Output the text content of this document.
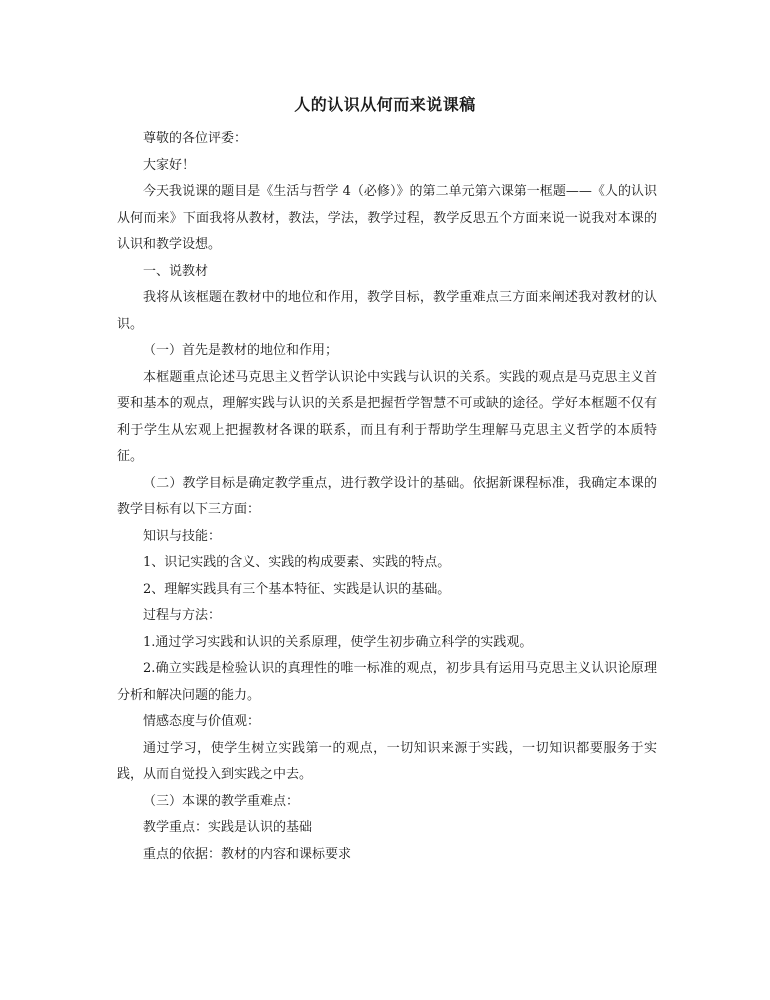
人的认识从何而来说课稿

尊敬的各位评委：

大家好！

今天我说课的题目是《生活与哲学 4（必修）》的第二单元第六课第一框题——《人的认识从何而来》下面我将从教材，教法，学法，教学过程，教学反思五个方面来说一说我对本课的认识和教学设想。

一、说教材

我将从该框题在教材中的地位和作用，教学目标，教学重难点三方面来阐述我对教材的认识。

（一）首先是教材的地位和作用；

本框题重点论述马克思主义哲学认识论中实践与认识的关系。实践的观点是马克思主义首要和基本的观点，理解实践与认识的关系是把握哲学智慧不可或缺的途径。学好本框题不仅有利于学生从宏观上把握教材各课的联系，而且有利于帮助学生理解马克思主义哲学的本质特征。

（二）教学目标是确定教学重点，进行教学设计的基础。依据新课程标准，我确定本课的教学目标有以下三方面：

知识与技能：

1、识记实践的含义、实践的构成要素、实践的特点。

2、理解实践具有三个基本特征、实践是认识的基础。

过程与方法：

1.通过学习实践和认识的关系原理，使学生初步确立科学的实践观。

2.确立实践是检验认识的真理性的唯一标准的观点，初步具有运用马克思主义认识论原理分析和解决问题的能力。

情感态度与价值观：

通过学习，使学生树立实践第一的观点，一切知识来源于实践，一切知识都要服务于实践，从而自觉投入到实践之中去。

（三）本课的教学重难点：

教学重点：实践是认识的基础

重点的依据：教材的内容和课标要求
